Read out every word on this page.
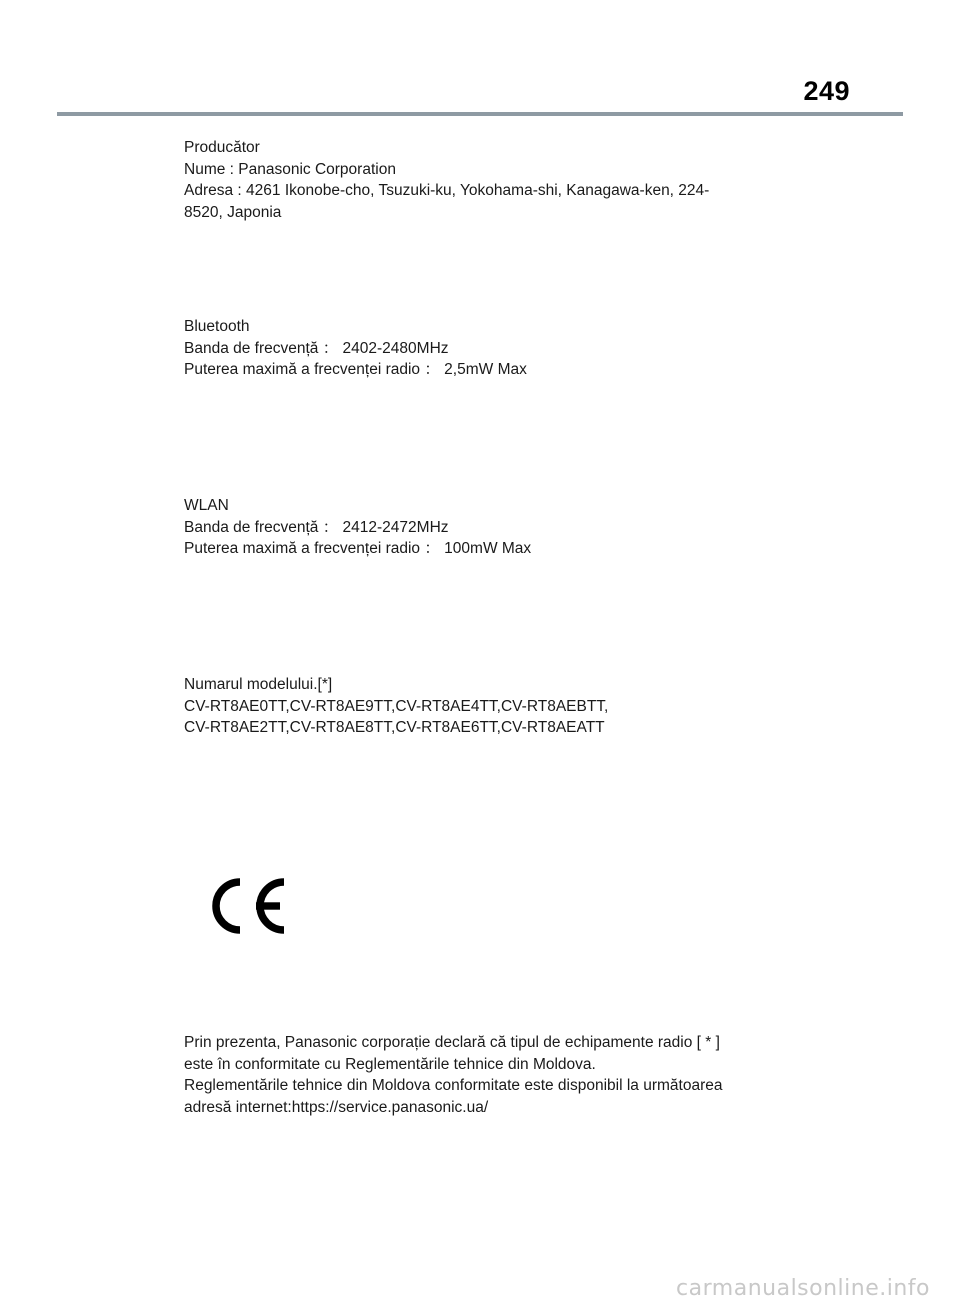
249
Producător
Nume : Panasonic Corporation
Adresa : 4261 Ikonobe-cho, Tsuzuki-ku, Yokohama-shi, Kanagawa-ken, 224-
8520, Japonia
Bluetooth
Banda de frecvență ： 2402-2480MHz
Puterea maximă a frecvenței radio ： 2,5mW Max
WLAN
Banda de frecvență ： 2412-2472MHz
Puterea maximă a frecvenței radio ： 100mW Max
Numarul modelului.[*]
CV-RT8AE0TT,CV-RT8AE9TT,CV-RT8AE4TT,CV-RT8AEBTT,
CV-RT8AE2TT,CV-RT8AE8TT,CV-RT8AE6TT,CV-RT8AEATT
Prin prezenta, Panasonic corporație declară că tipul de echipamente radio [ * ]
este în conformitate cu Reglementările tehnice din Moldova.
Reglementările tehnice din Moldova conformitate este disponibil la următoarea
adresă internet:https://service.panasonic.ua/
carmanualsonline.info
